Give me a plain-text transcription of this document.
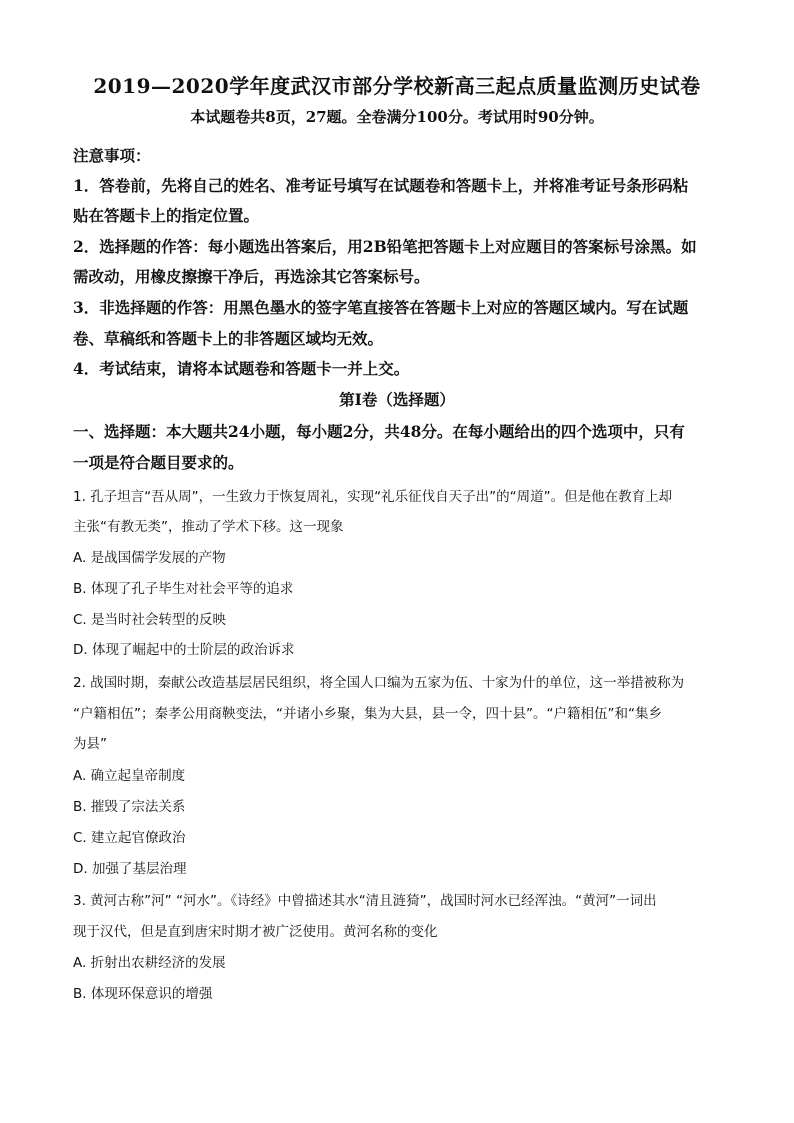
2019—2020学年度武汉市部分学校新高三起点质量监测历史试卷
本试题卷共8页，27题。全卷满分100分。考试用时90分钟。
注意事项：
1．答卷前，先将自己的姓名、准考证号填写在试题卷和答题卡上，并将准考证号条形码粘
贴在答题卡上的指定位置。
2．选择题的作答：每小题选出答案后，用2B铅笔把答题卡上对应题目的答案标号涂黑。如
需改动，用橡皮擦擦干净后，再选涂其它答案标号。
3．非选择题的作答：用黑色墨水的签字笔直接答在答题卡上对应的答题区域内。写在试题
卷、草稿纸和答题卡上的非答题区域均无效。
4．考试结束，请将本试题卷和答题卡一并上交。
第Ⅰ卷（选择题）
一、选择题：本大题共24小题，每小题2分，共48分。在每小题给出的四个选项中，只有
一项是符合题目要求的。
1. 孔子坦言“吾从周”，一生致力于恢复周礼，实现“礼乐征伐自天子出”的“周道”。但是他在教育上却
主张“有教无类”，推动了学术下移。这一现象
A. 是战国儒学发展的产物
B. 体现了孔子毕生对社会平等的追求
C. 是当时社会转型的反映
D. 体现了崛起中的士阶层的政治诉求
2. 战国时期，秦献公改造基层居民组织，将全国人口编为五家为伍、十家为什的单位，这一举措被称为
“户籍相伍”；秦孝公用商鞅变法，“并诸小乡聚，集为大县，县一令，四十县”。“户籍相伍”和“集乡
为县”
A. 确立起皇帝制度
B. 摧毁了宗法关系
C. 建立起官僚政治
D. 加强了基层治理
3. 黄河古称”河” “河水”。《诗经》中曾描述其水“清且涟猗”，战国时河水已经浑浊。“黄河”一词出
现于汉代，但是直到唐宋时期才被广泛使用。黄河名称的变化
A. 折射出农耕经济的发展
B. 体现环保意识的增强
